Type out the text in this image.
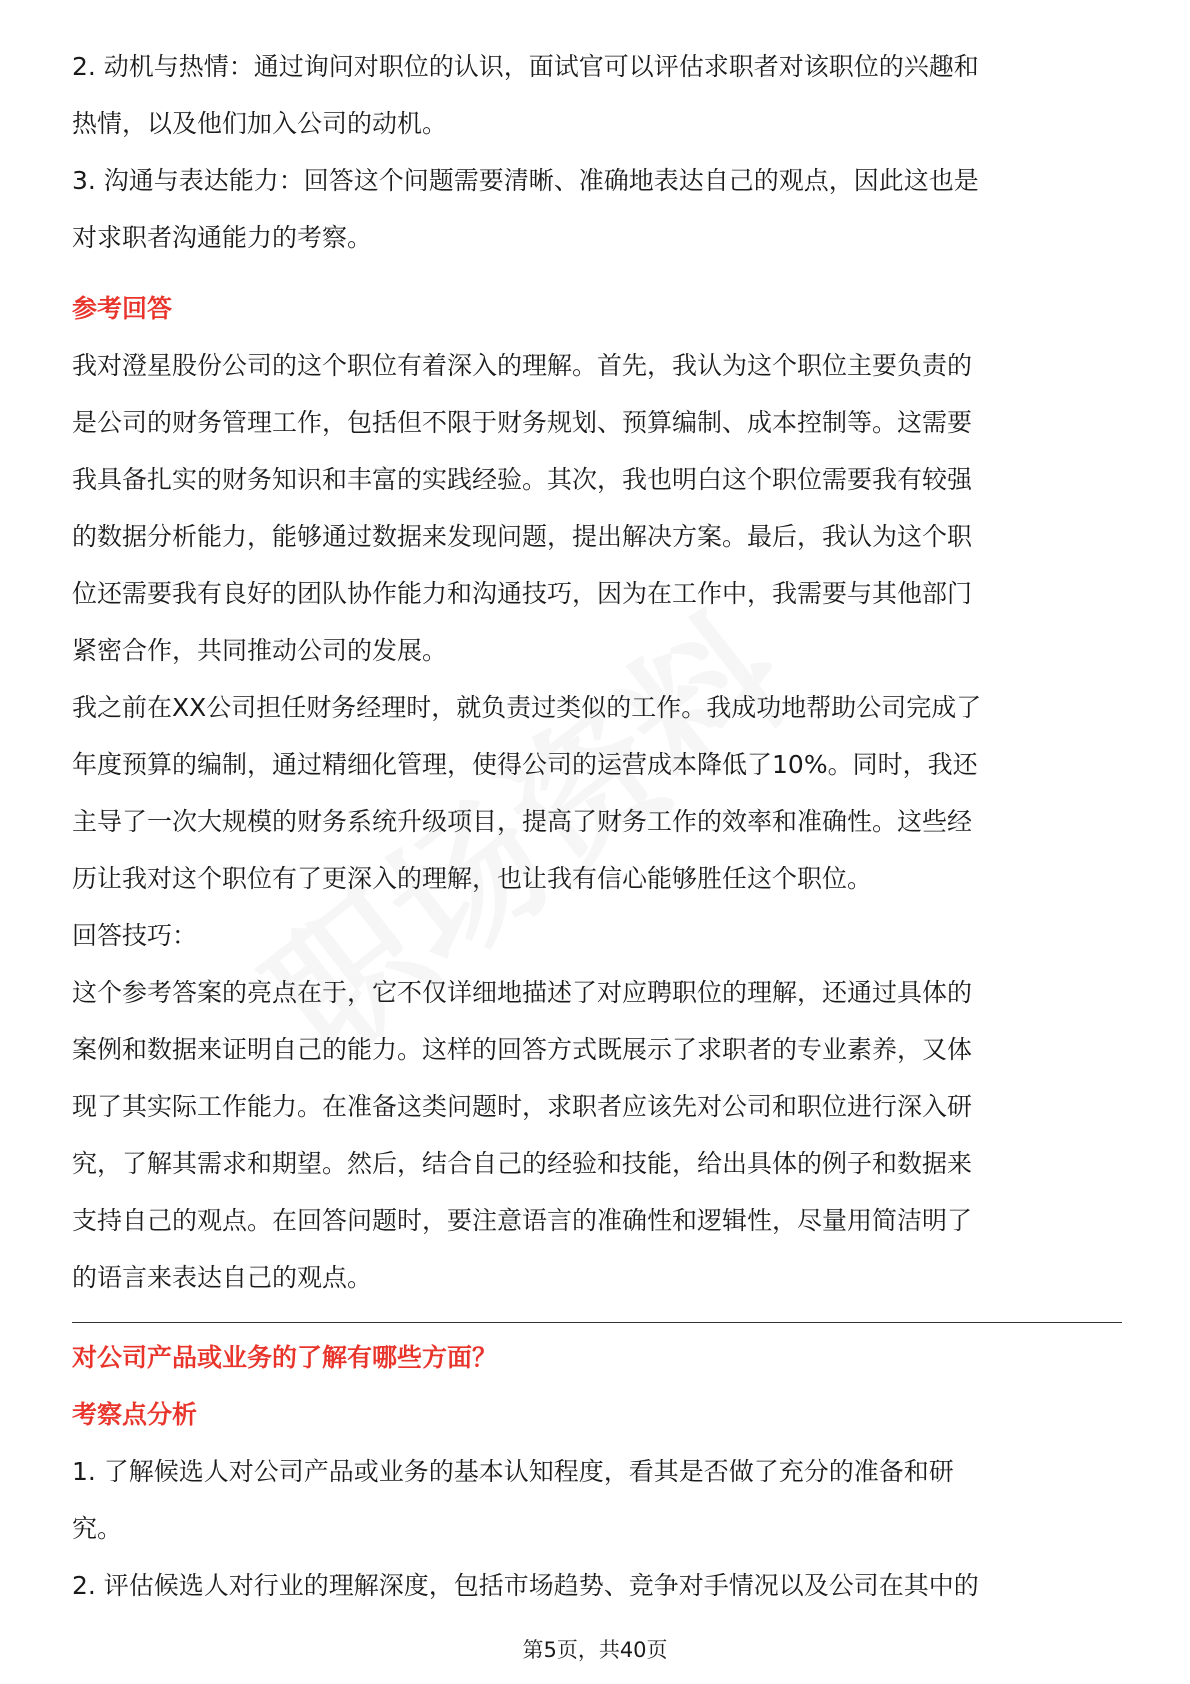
2. 动机与热情：通过询问对职位的认识，面试官可以评估求职者对该职位的兴趣和
热情，以及他们加入公司的动机。
3. 沟通与表达能力：回答这个问题需要清晰、准确地表达自己的观点，因此这也是
对求职者沟通能力的考察。
参考回答
我对澄星股份公司的这个职位有着深入的理解。首先，我认为这个职位主要负责的
是公司的财务管理工作，包括但不限于财务规划、预算编制、成本控制等。这需要
我具备扎实的财务知识和丰富的实践经验。其次，我也明白这个职位需要我有较强
的数据分析能力，能够通过数据来发现问题，提出解决方案。最后，我认为这个职
位还需要我有良好的团队协作能力和沟通技巧，因为在工作中，我需要与其他部门
紧密合作，共同推动公司的发展。
我之前在XX公司担任财务经理时，就负责过类似的工作。我成功地帮助公司完成了
年度预算的编制，通过精细化管理，使得公司的运营成本降低了10%。同时，我还
主导了一次大规模的财务系统升级项目，提高了财务工作的效率和准确性。这些经
历让我对这个职位有了更深入的理解，也让我有信心能够胜任这个职位。
回答技巧：
这个参考答案的亮点在于，它不仅详细地描述了对应聘职位的理解，还通过具体的
案例和数据来证明自己的能力。这样的回答方式既展示了求职者的专业素养，又体
现了其实际工作能力。在准备这类问题时，求职者应该先对公司和职位进行深入研
究，了解其需求和期望。然后，结合自己的经验和技能，给出具体的例子和数据来
支持自己的观点。在回答问题时，要注意语言的准确性和逻辑性，尽量用简洁明了
的语言来表达自己的观点。
对公司产品或业务的了解有哪些方面？
考察点分析
1. 了解候选人对公司产品或业务的基本认知程度，看其是否做了充分的准备和研
究。
2. 评估候选人对行业的理解深度，包括市场趋势、竞争对手情况以及公司在其中的
第5页，共40页
